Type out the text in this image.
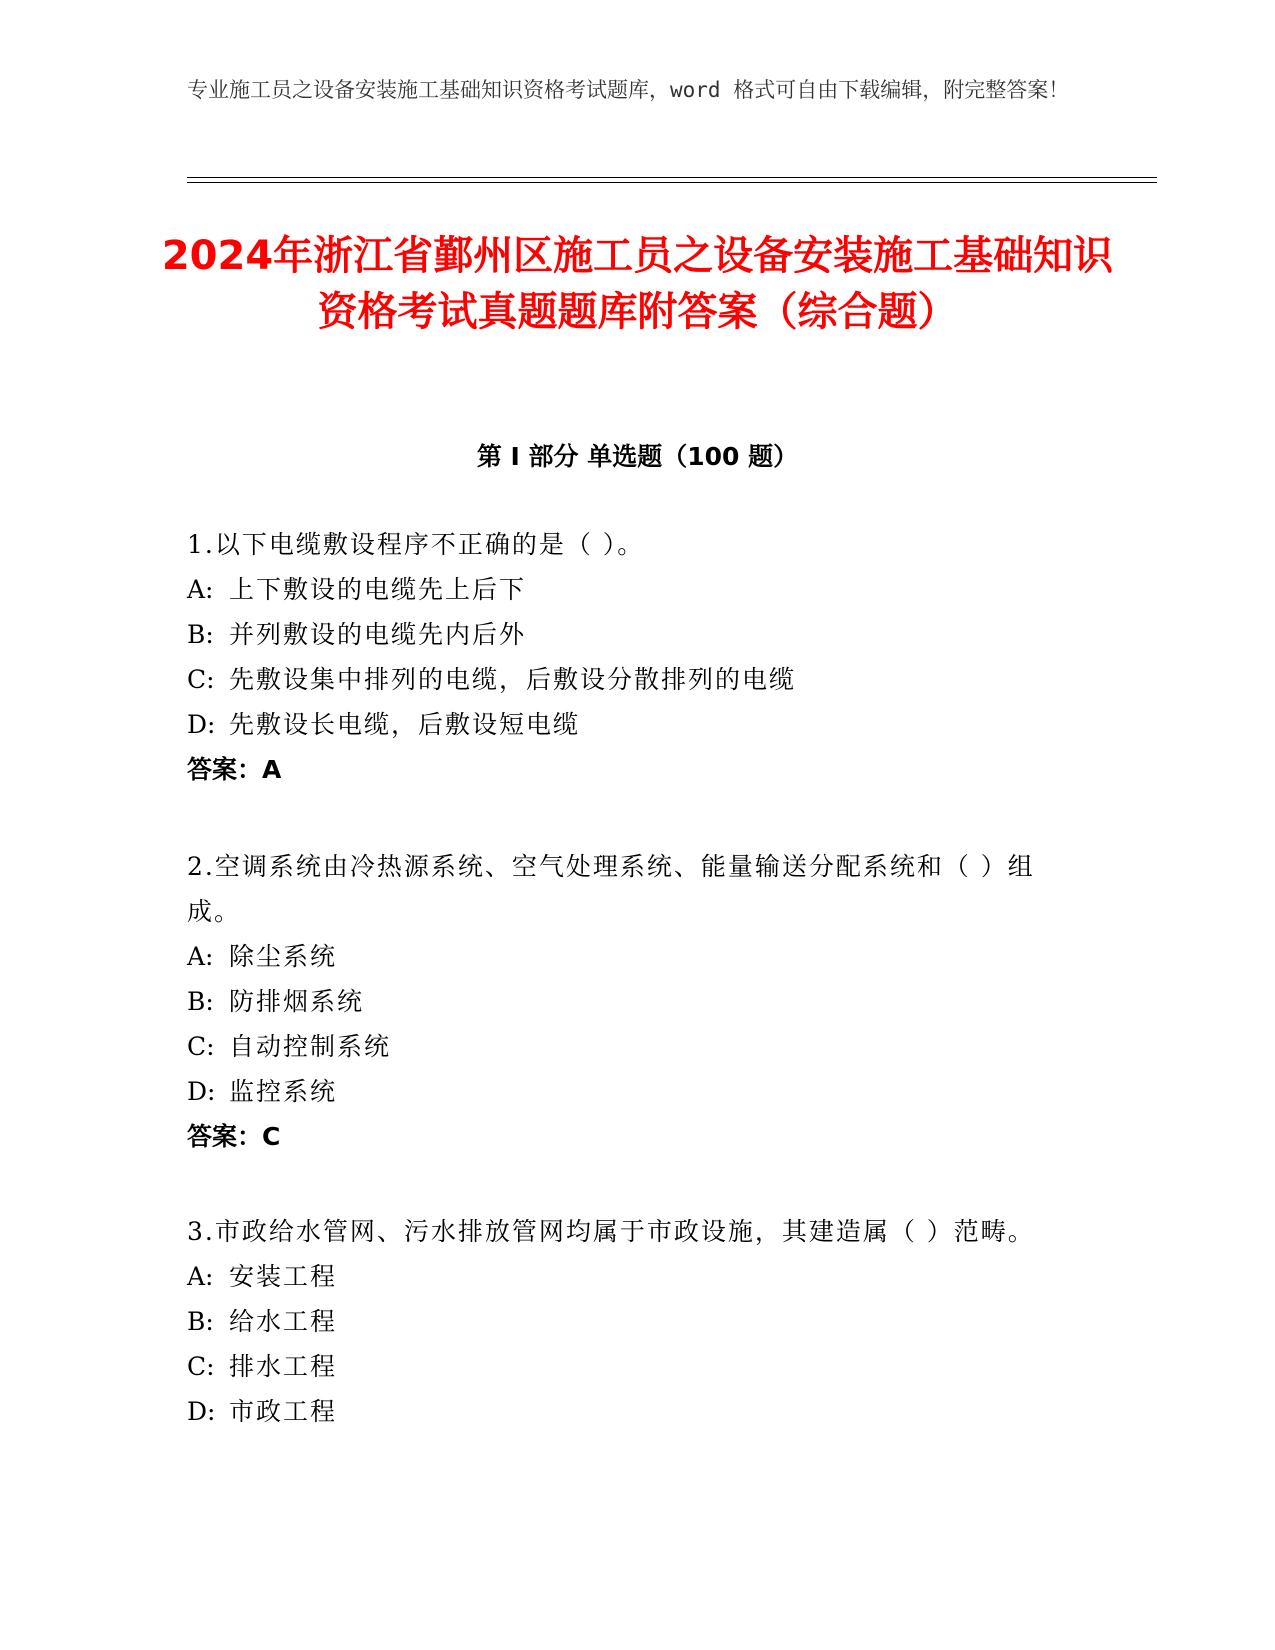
专业施工员之设备安装施工基础知识资格考试题库，word 格式可自由下载编辑，附完整答案！
2024年浙江省鄞州区施工员之设备安装施工基础知识资格考试真题题库附答案（综合题）
第 I 部分 单选题（100 题）
1.以下电缆敷设程序不正确的是（ ）。
A: 上下敷设的电缆先上后下
B: 并列敷设的电缆先内后外
C: 先敷设集中排列的电缆，后敷设分散排列的电缆
D: 先敷设长电缆，后敷设短电缆
答案：A
2.空调系统由冷热源系统、空气处理系统、能量输送分配系统和（ ）组成。
A: 除尘系统
B: 防排烟系统
C: 自动控制系统
D: 监控系统
答案：C
3.市政给水管网、污水排放管网均属于市政设施，其建造属（ ）范畴。
A: 安装工程
B: 给水工程
C: 排水工程
D: 市政工程
